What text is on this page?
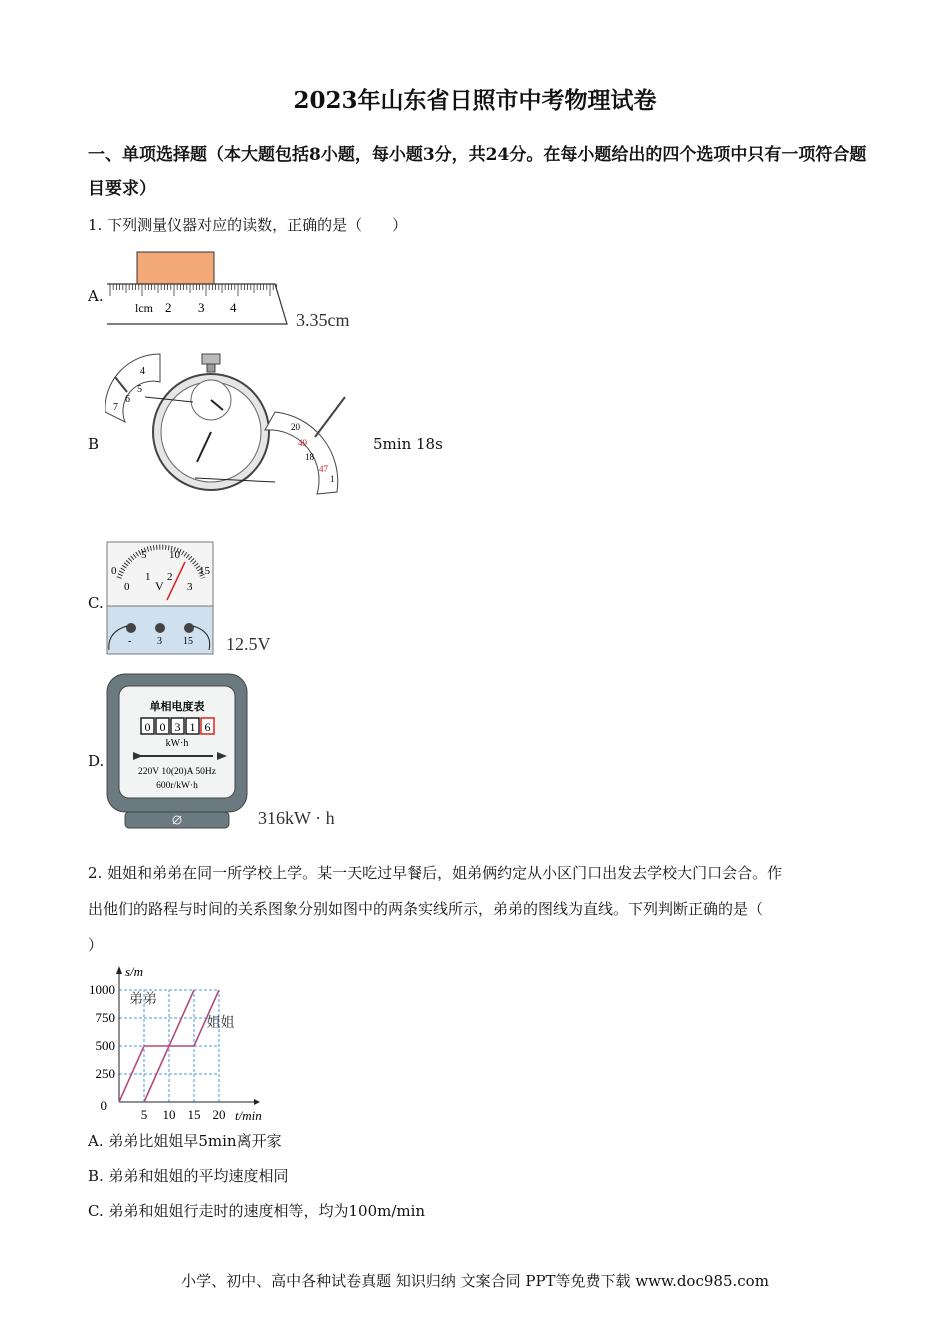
2023年山东省日照市中考物理试卷
一、单项选择题（本大题包括8小题，每小题3分，共24分。在每小题给出的四个选项中只有一项符合题目要求）
1. 下列测量仪器对应的读数，正确的是（　　）
A.
lcm 2 3 4
3.35cm
B
4
5
6
7
20
49
18
47
1
5min 18s
C.
0
5 10
15
0
1 2
3
V
-	3 15 12.5V
D.
单相电度表
0 0 3 1 6
kW·h
220V 10(20)A 50Hz
600r/kW·h
316kW · h
2. 姐姐和弟弟在同一所学校上学。某一天吃过早餐后，姐弟俩约定从小区门口出发去学校大门口会合。作
出他们的路程与时间的关系图象分别如图中的两条实线所示，弟弟的图线为直线。下列判断正确的是（
）
5 10 15 20
250
500
750
1000
0
s/m
t/min
弟弟
姐姐
A. 弟弟比姐姐早5min离开家
B. 弟弟和姐姐的平均速度相同
C. 弟弟和姐姐行走时的速度相等，均为100m/min
小学、初中、高中各种试卷真题 知识归纳 文案合同 PPT等免费下载 www.doc985.com
